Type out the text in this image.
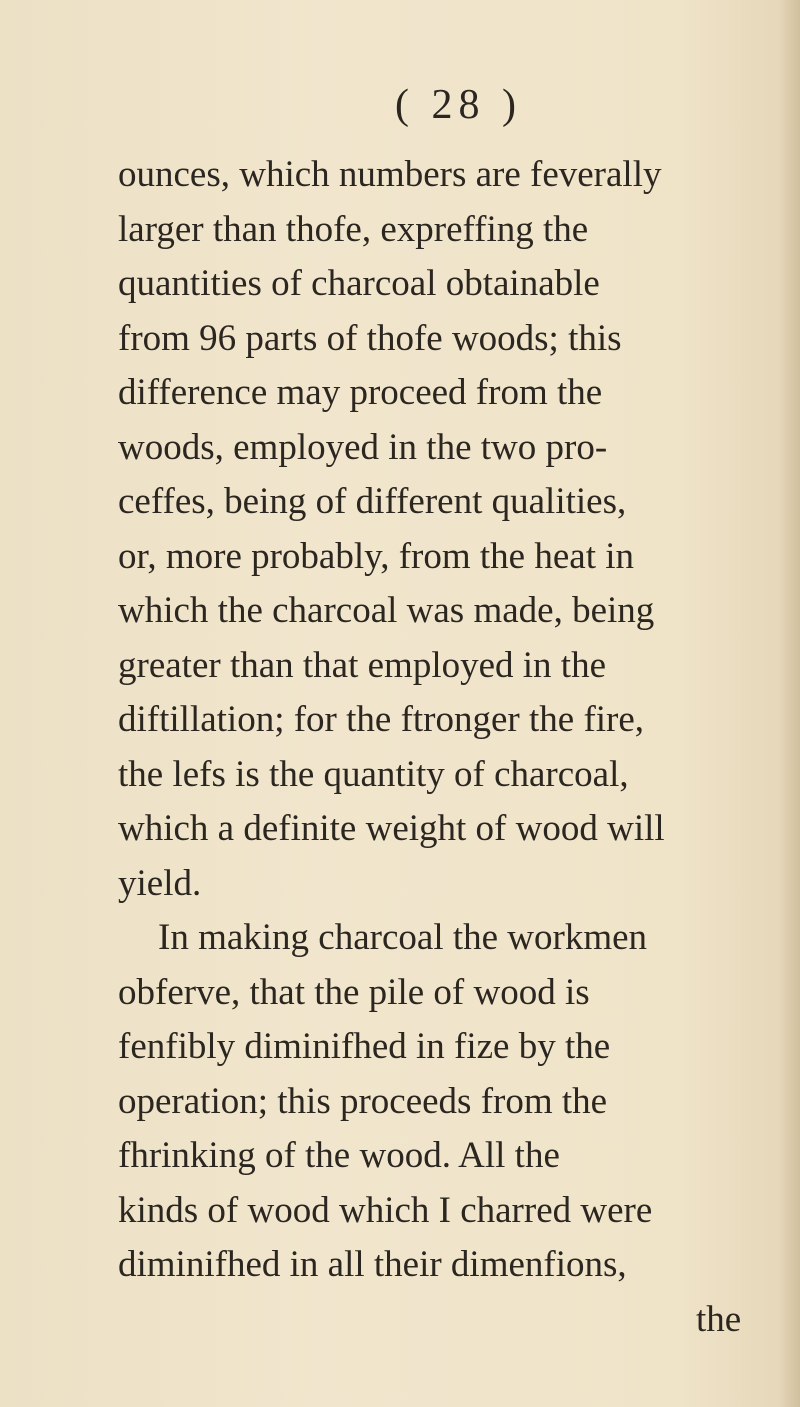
( 28 )
ounces, which numbers are feverally
larger than thofe, expreffing the
quantities of charcoal obtainable
from 96 parts of thofe woods; this
difference may proceed from the
woods, employed in the two pro-
ceffes, being of different qualities,
or, more probably, from the heat in
which the charcoal was made, being
greater than that employed in the
diftillation; for the ftronger the fire,
the lefs is the quantity of charcoal,
which a definite weight of wood will
yield.
In making charcoal the workmen
obferve, that the pile of wood is
fenfibly diminifhed in fize by the
operation; this proceeds from the
fhrinking of the wood. All the
kinds of wood which I charred were
diminifhed in all their dimenfions,
the
